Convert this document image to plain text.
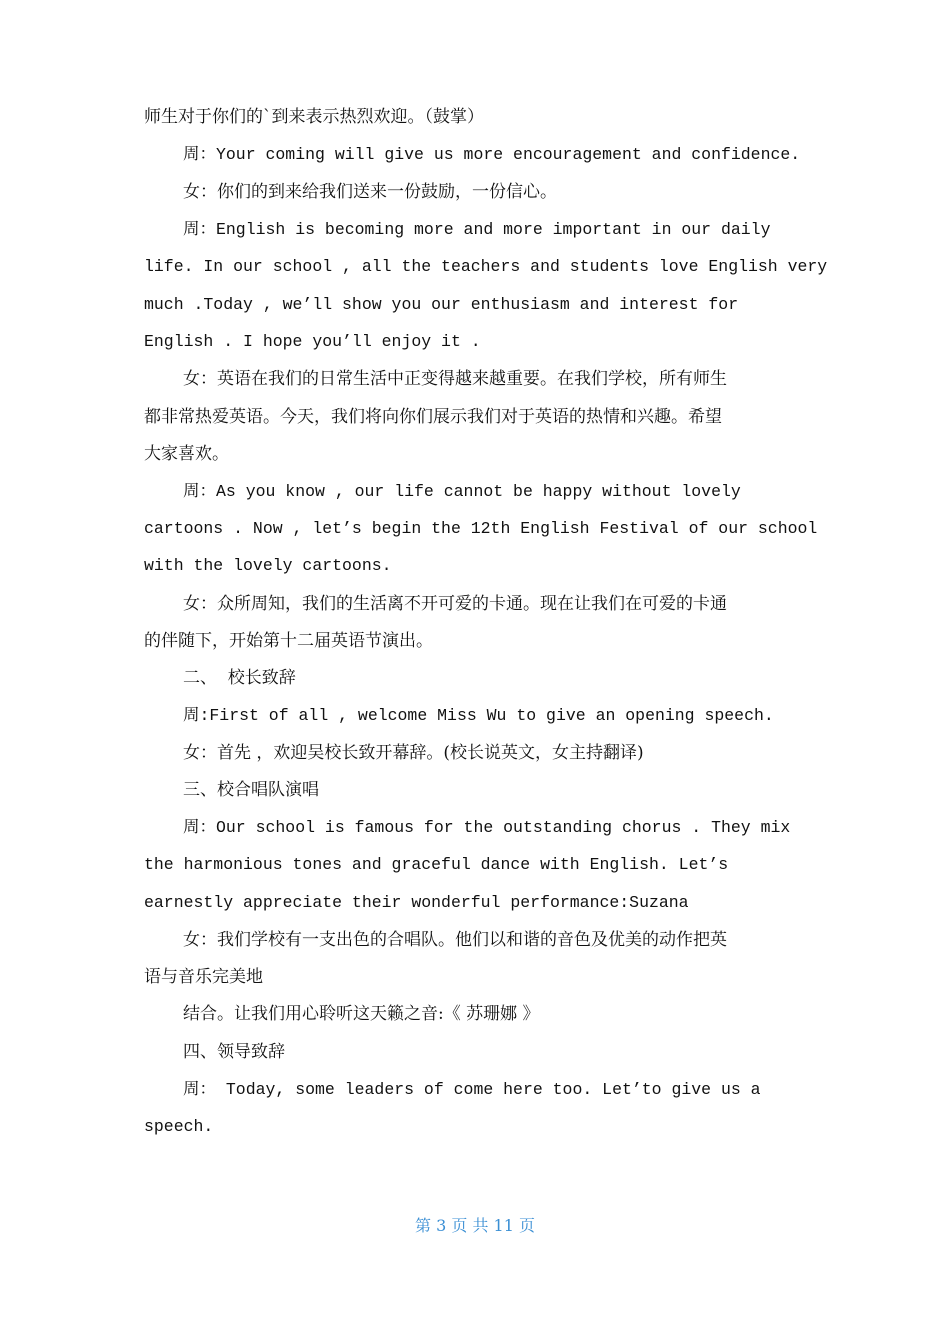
师生对于你们的`到来表示热烈欢迎。（鼓掌）
周：Your coming will give us more encouragement and confidence.
女：你们的到来给我们送来一份鼓励，一份信心。
周：English is becoming more and more important in our daily
life. In our school , all the teachers and students love English very
much .Today , we’ll show you our enthusiasm and interest for
English . I hope you’ll enjoy it .
女：英语在我们的日常生活中正变得越来越重要。在我们学校，所有师生
都非常热爱英语。今天，我们将向你们展示我们对于英语的热情和兴趣。希望
大家喜欢。
周：As you know , our life cannot be happy without lovely
cartoons . Now , let’s begin the 12th English Festival of our school
with the lovely cartoons.
女：众所周知，我们的生活离不开可爱的卡通。现在让我们在可爱的卡通
的伴随下，开始第十二届英语节演出。
二、  校长致辞
周:First of all , welcome Miss Wu to give an opening speech.
女：首先 ，欢迎吴校长致开幕辞。(校长说英文，女主持翻译)
三、校合唱队演唱
周：Our school is famous for the outstanding chorus . They mix
the harmonious tones and graceful dance with English. Let’s
earnestly appreciate their wonderful performance:Suzana
女：我们学校有一支出色的合唱队。他们以和谐的音色及优美的动作把英
语与音乐完美地
结合。让我们用心聆听这天籁之音:《 苏珊娜 》
四、领导致辞
周： Today, some leaders of come here too. Let’to give us a
speech.
第 3 页 共 11 页
